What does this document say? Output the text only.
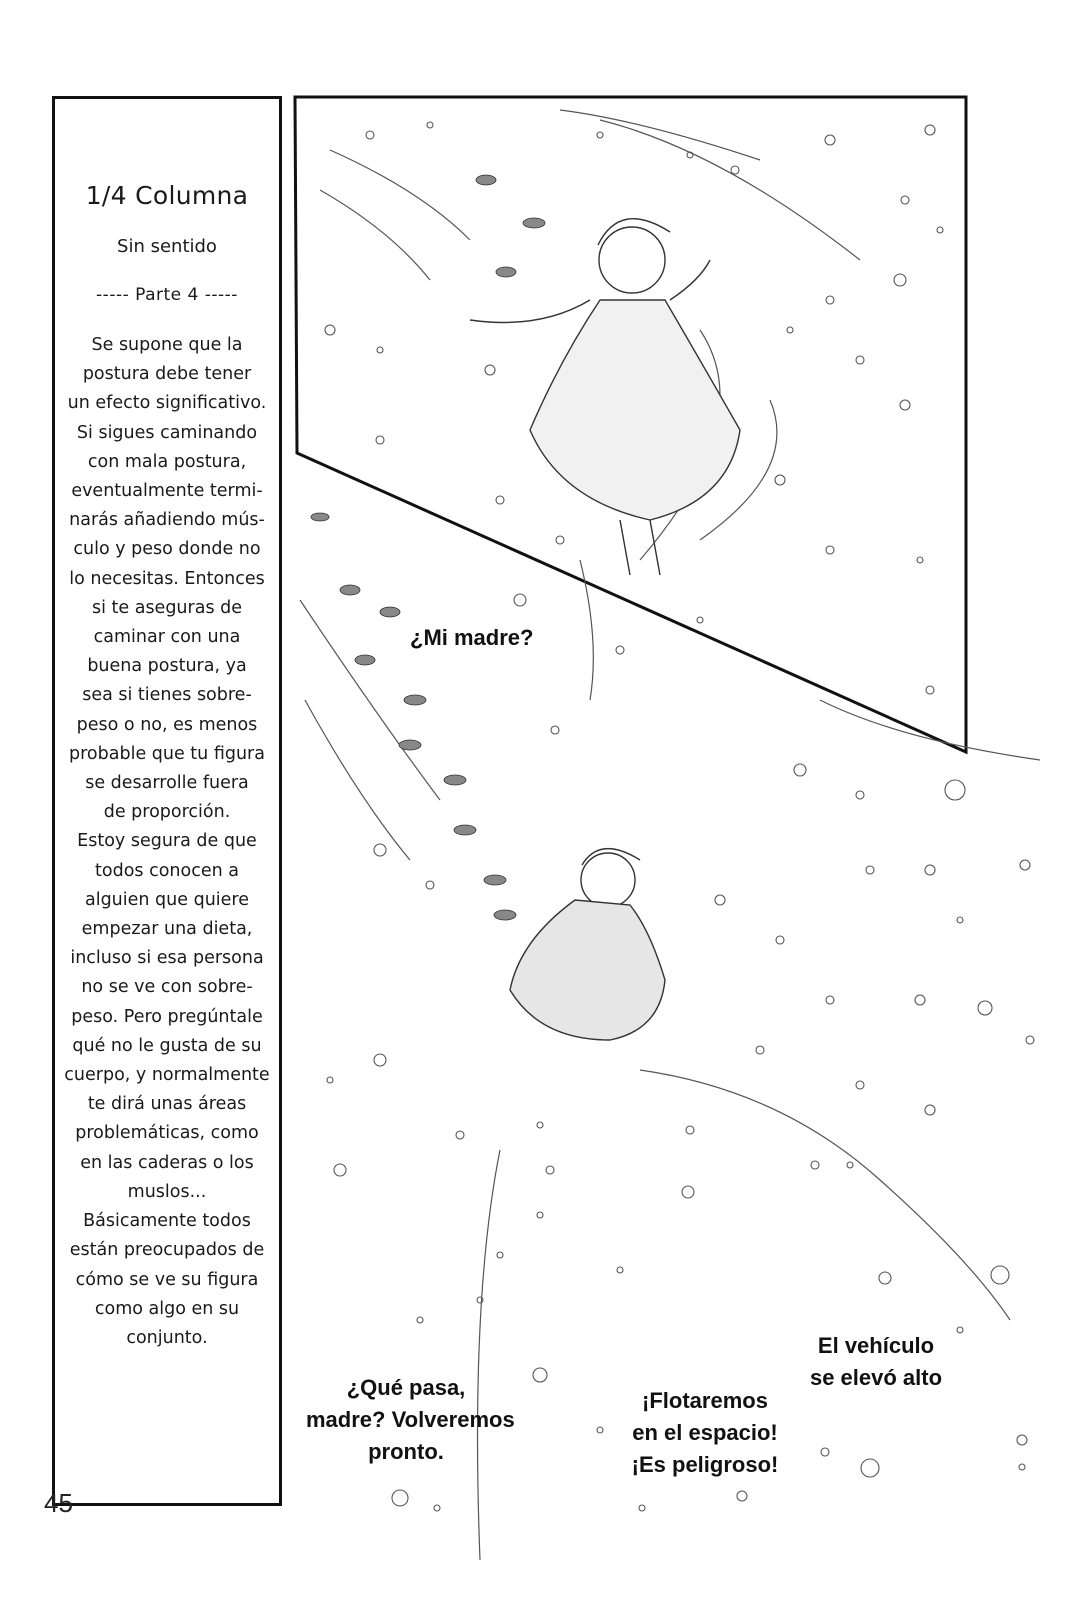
1/4 Columna
Sin sentido
----- Parte 4 -----
Se supone que la
postura debe tener
un efecto significativo.
Si sigues caminando
con mala postura,
eventualmente termi-
narás añadiendo mús-
culo y peso donde no
lo necesitas. Entonces
si te aseguras de
caminar con una
buena postura, ya
sea si tienes sobre-
peso o no, es menos
probable que tu figura
se desarrolle fuera
de proporción.
Estoy segura de que
todos conocen a
alguien que quiere
empezar una dieta,
incluso si esa persona
no se ve con sobre-
peso. Pero pregúntale
qué no le gusta de su
cuerpo, y normalmente
te dirá unas áreas
problemáticas, como
en las caderas o los
muslos...
Básicamente todos
están preocupados de
cómo se ve su figura
como algo en su
conjunto.
45
¿Mi madre?
¿Qué pasa,
madre? Volveremos
pronto.
¡Flotaremos
en el espacio!
¡Es peligroso!
El vehículo
se elevó alto
